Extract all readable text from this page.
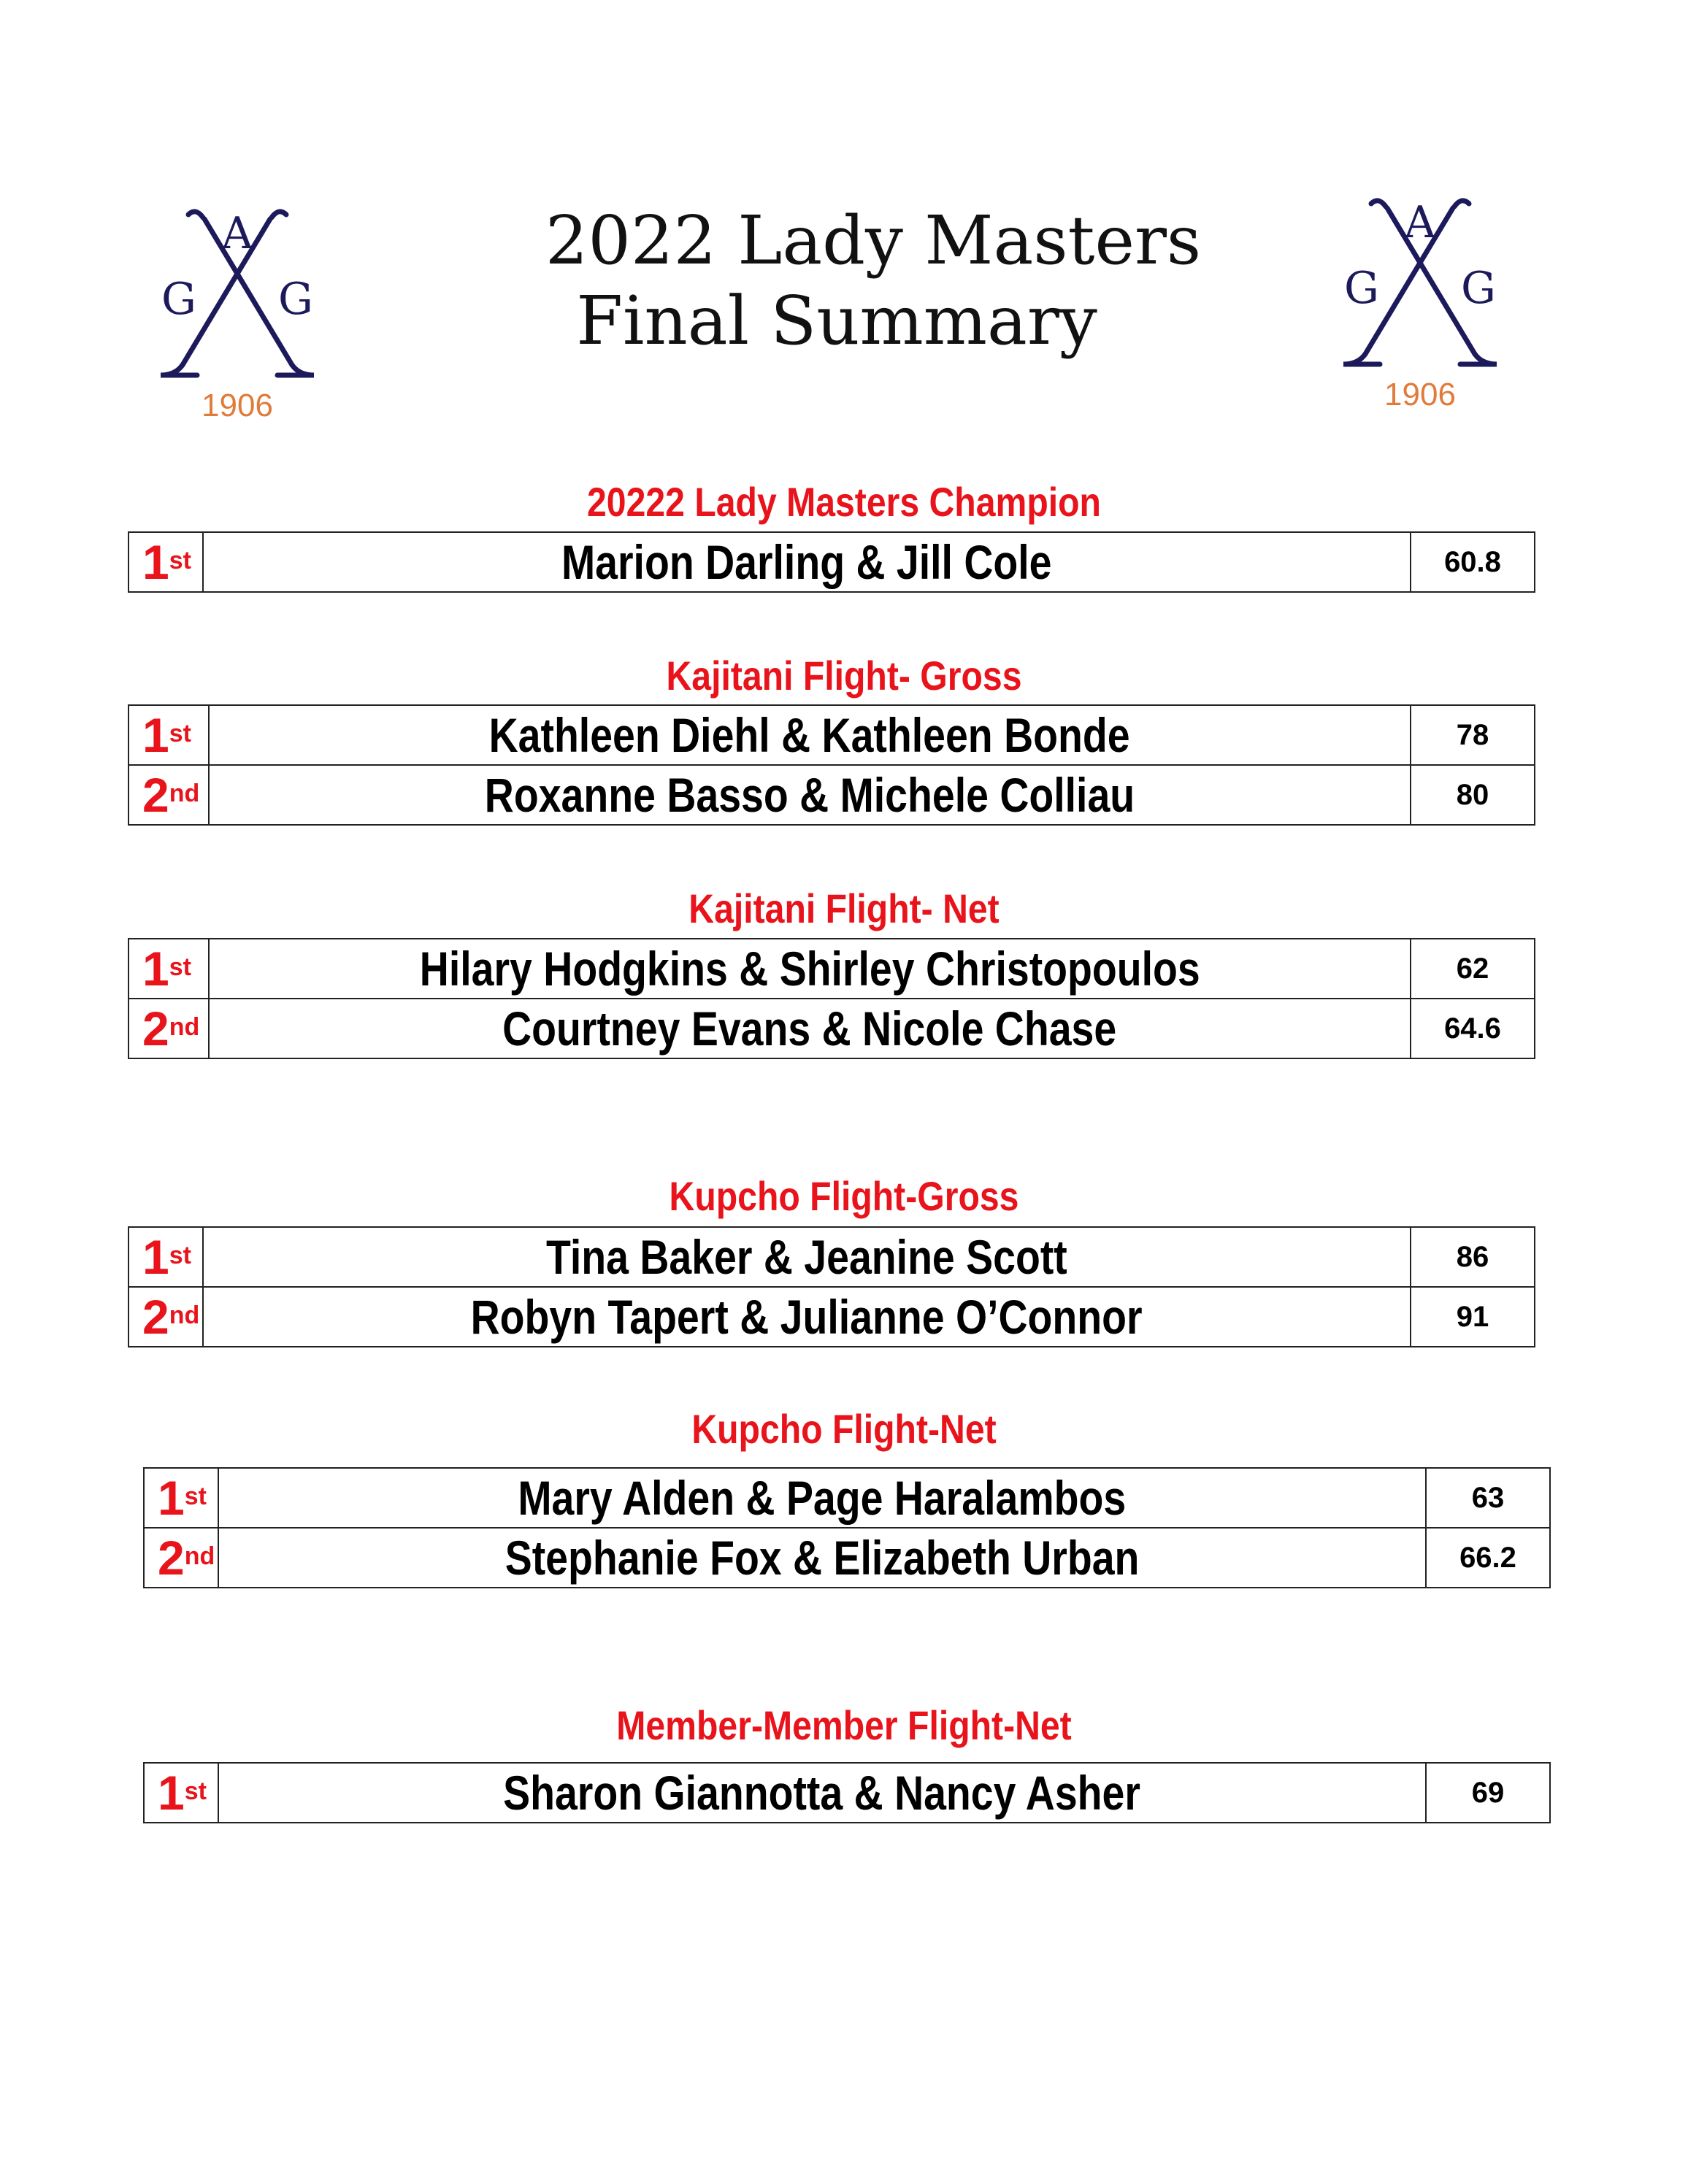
A
G G
1906
A
G G
1906
2022 Lady Masters
Final Summary
20222 Lady Masters Champion
1st	Marion Darling & Jill Cole	60.8
Kajitani Flight- Gross
1st	Kathleen Diehl & Kathleen Bonde	78
2nd	Roxanne Basso & Michele Colliau	80
Kajitani Flight- Net
1st	Hilary Hodgkins & Shirley Christopoulos	62
2nd	Courtney Evans & Nicole Chase	64.6
Kupcho Flight-Gross
1st	Tina Baker & Jeanine Scott	86
2nd	Robyn Tapert & Julianne O’Connor	91
Kupcho Flight-Net
1st	Mary Alden & Page Haralambos	63
2nd	Stephanie Fox & Elizabeth Urban	66.2
Member-Member Flight-Net
1st	Sharon Giannotta & Nancy Asher	69
